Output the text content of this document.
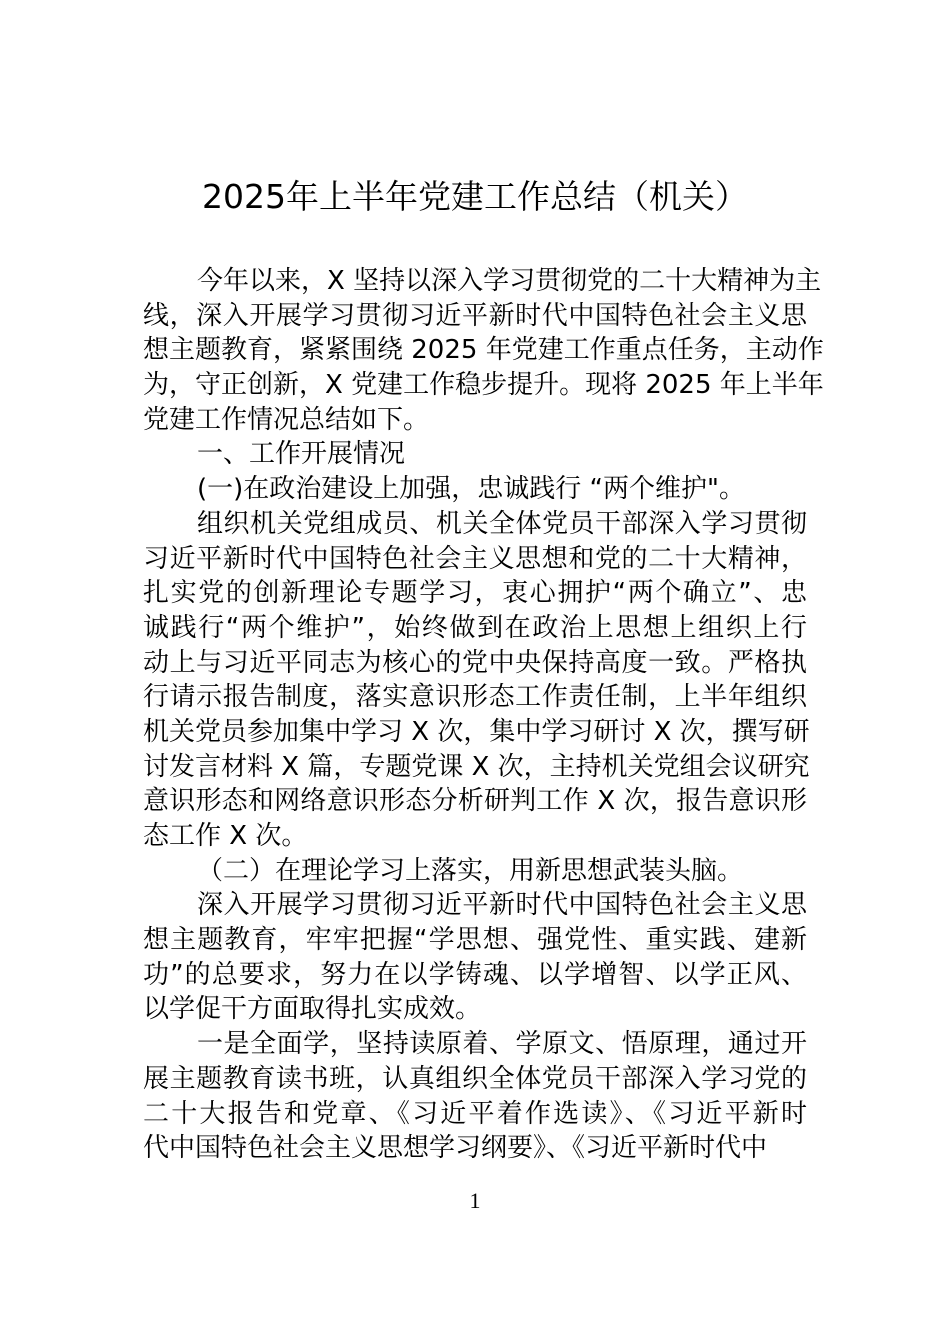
2025年上半年党建工作总结（机关）
今年以来，X 坚持以深入学习贯彻党的二十大精神为主
线，深入开展学习贯彻习近平新时代中国特色社会主义思
想主题教育，紧紧围绕 2025 年党建工作重点任务，主动作
为，守正创新，X 党建工作稳步提升。现将 2025 年上半年
党建工作情况总结如下。
一、工作开展情况
(一)在政治建设上加强，忠诚践行 “两个维护"。
组织机关党组成员、机关全体党员干部深入学习贯彻
习近平新时代中国特色社会主义思想和党的二十大精神，
扎实党的创新理论专题学习，衷心拥护“两个确立”、忠
诚践行“两个维护”，始终做到在政治上思想上组织上行
动上与习近平同志为核心的党中央保持高度一致。严格执
行请示报告制度，落实意识形态工作责任制，上半年组织
机关党员参加集中学习 X 次，集中学习研讨 X 次，撰写研
讨发言材料 X 篇，专题党课 X 次，主持机关党组会议研究
意识形态和网络意识形态分析研判工作 X 次，报告意识形
态工作 X 次。
（二）在理论学习上落实，用新思想武装头脑。
深入开展学习贯彻习近平新时代中国特色社会主义思
想主题教育，牢牢把握“学思想、强党性、重实践、建新
功”的总要求，努力在以学铸魂、以学增智、以学正风、
以学促干方面取得扎实成效。
一是全面学，坚持读原着、学原文、悟原理，通过开
展主题教育读书班，认真组织全体党员干部深入学习党的
二十大报告和党章、《习近平着作选读》、《习近平新时
代中国特色社会主义思想学习纲要》、《习近平新时代中
1
